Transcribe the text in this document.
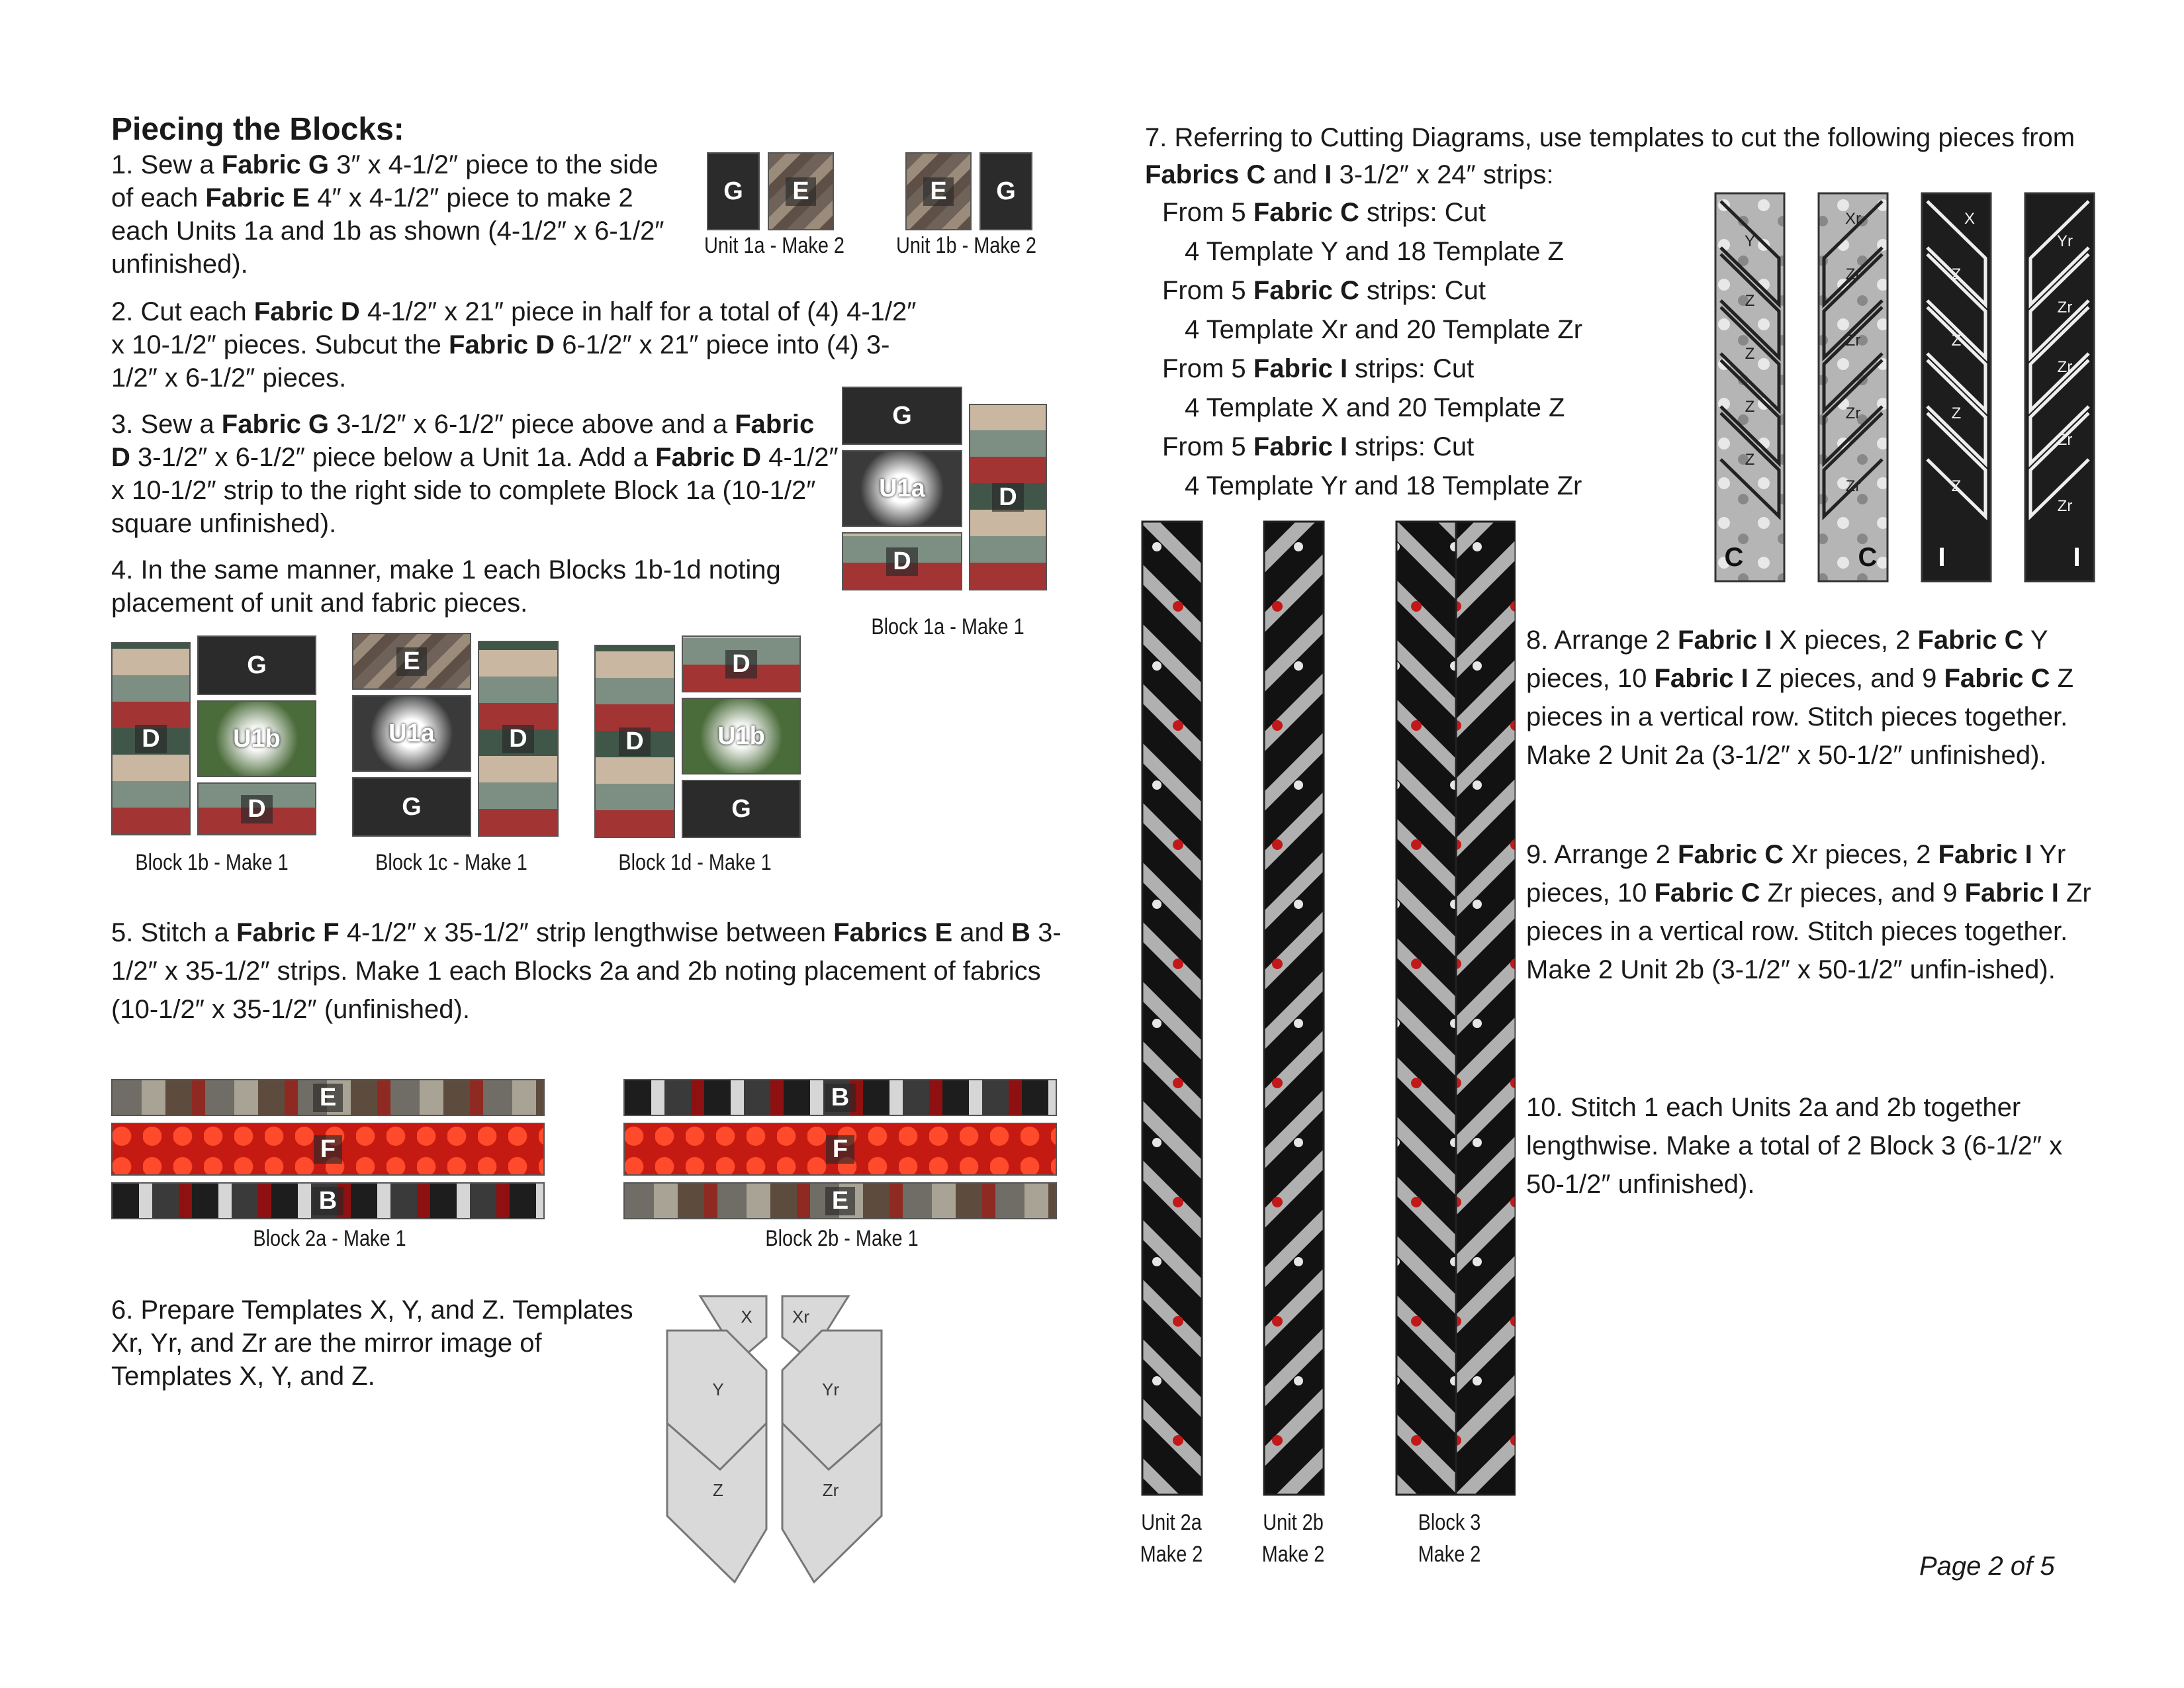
Piecing the Blocks:
1. Sew a Fabric G 3″ x 4-1/2″ piece to the side of each Fabric E 4″ x 4-1/2″ piece to make 2 each Units 1a and 1b as shown (4-1/2″ x 6-1/2″ unfinished).
G	E	E	G
Unit 1a - Make 2	Unit 1b - Make 2
2. Cut each Fabric D 4-1/2″ x 21″ piece in half for a total of (4) 4-1/2″ x 10-1/2″ pieces. Subcut the Fabric D 6-1/2″ x 21″ piece into (4) 3-1/2″ x 6-1/2″ pieces.
3. Sew a Fabric G 3-1/2″ x 6-1/2″ piece above and a Fabric D 3-1/2″ x 6-1/2″ piece below a Unit 1a. Add a Fabric D 4-1/2″ x 10-1/2″ strip to the right side to complete Block 1a (10-1/2″ square unfinished).
G
U1a
D
D
Block 1a - Make 1
4. In the same manner, make 1 each Blocks 1b-1d noting placement of unit and fabric pieces.
D
G
U1b
D
Block 1b - Make 1
E
U1a
G
D
Block 1c - Make 1
D
D
U1b
G
Block 1d - Make 1
5. Stitch a Fabric F 4-1/2″ x 35-1/2″ strip lengthwise between Fabrics E and B 3-1/2″ x 35-1/2″ strips. Make 1 each Blocks 2a and 2b noting placement of fabrics (10-1/2″ x 35-1/2″ (unfinished).
E
F
B
Block 2a - Make 1
B
F
E
Block 2b - Make 1
6. Prepare Templates X, Y, and Z. Templates Xr, Yr, and Zr are the mirror image of Templates X, Y, and Z.
X Xr
Y	Yr
Z	Zr
7. Referring to Cutting Diagrams, use templates to cut the following pieces from Fabrics C and I 3-1/2″ x 24″ strips:
From 5 Fabric C strips: Cut
4 Template Y and 18 Template Z
From 5 Fabric C strips: Cut
4 Template Xr and 20 Template Zr
From 5 Fabric I strips: Cut
4 Template X and 20 Template Z
From 5 Fabric I strips: Cut
4 Template Yr and 18 Template Zr
Y
Z
Z
Z
Z
Xr
Zr
Zr
Zr
Zr
X
Z
Z
Z
Z
Yr
Zr
Zr
Zr
Zr
C	C I	I
Unit 2a
Make 2
Unit 2b
Make 2
Block 3
Make 2
8. Arrange 2 Fabric I X pieces, 2 Fabric C Y pieces, 10 Fabric I Z pieces, and 9 Fabric C Z pieces in a vertical row. Stitch pieces together. Make 2 Unit 2a (3-1/2″ x 50-1/2″ unfinished).
9. Arrange 2 Fabric C Xr pieces, 2 Fabric I Yr pieces, 10 Fabric C Zr pieces, and 9 Fabric I Zr pieces in a vertical row. Stitch pieces together. Make 2 Unit 2b (3-1/2″ x 50-1/2″ unfin-ished).
10. Stitch 1 each Units 2a and 2b together lengthwise. Make a total of 2 Block 3 (6-1/2″ x 50-1/2″ unfinished).
Page 2 of 5
